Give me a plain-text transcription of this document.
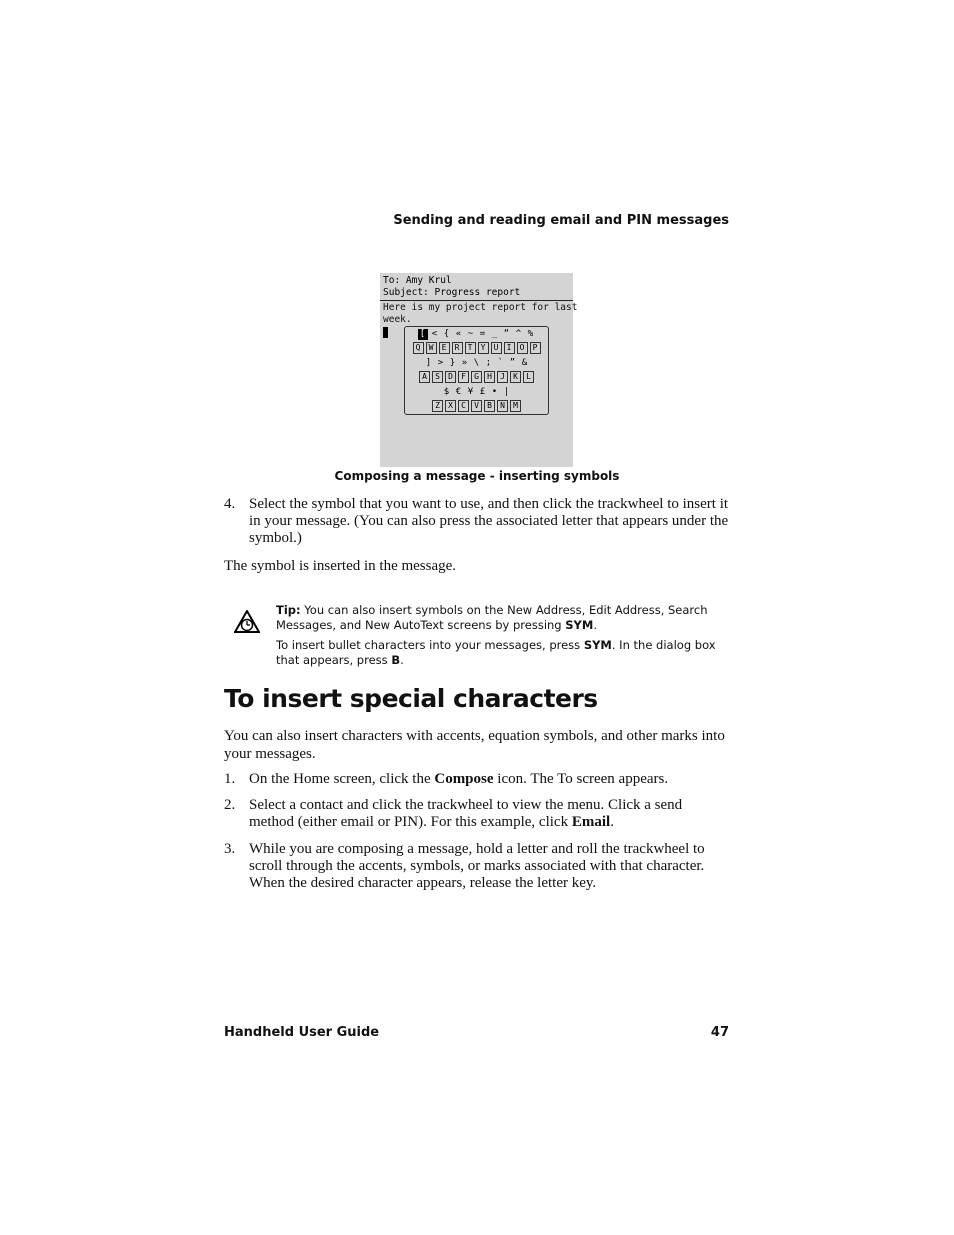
Sending and reading email and PIN messages
To: Amy Krul
Subject: Progress report
Here is my project report for last
week.
[ < { « ~ = _ “ ^ %
Q	W	E	R	T	Y	U	I	O	P
] > } » \ ; ` ” &
A	S	D	F	G	H	J	K	L
$ € ¥ £ • |
Z	X	C	V	B	N	M
Composing a message - inserting symbols
4. Select the symbol that you want to use, and then click the trackwheel to insert it in your message. (You can also press the associated letter that appears under the symbol.)
The symbol is inserted in the message.
Tip: You can also insert symbols on the New Address, Edit Address, Search Messages, and New AutoText screens by pressing SYM.
To insert bullet characters into your messages, press SYM. In the dialog box that appears, press B.
To insert special characters
You can also insert characters with accents, equation symbols, and other marks into your messages.
1. On the Home screen, click the Compose icon. The To screen appears.
2. Select a contact and click the trackwheel to view the menu. Click a send method (either email or PIN). For this example, click Email.
3. While you are composing a message, hold a letter and roll the trackwheel to scroll through the accents, symbols, or marks associated with that character. When the desired character appears, release the letter key.
Handheld User Guide	47
